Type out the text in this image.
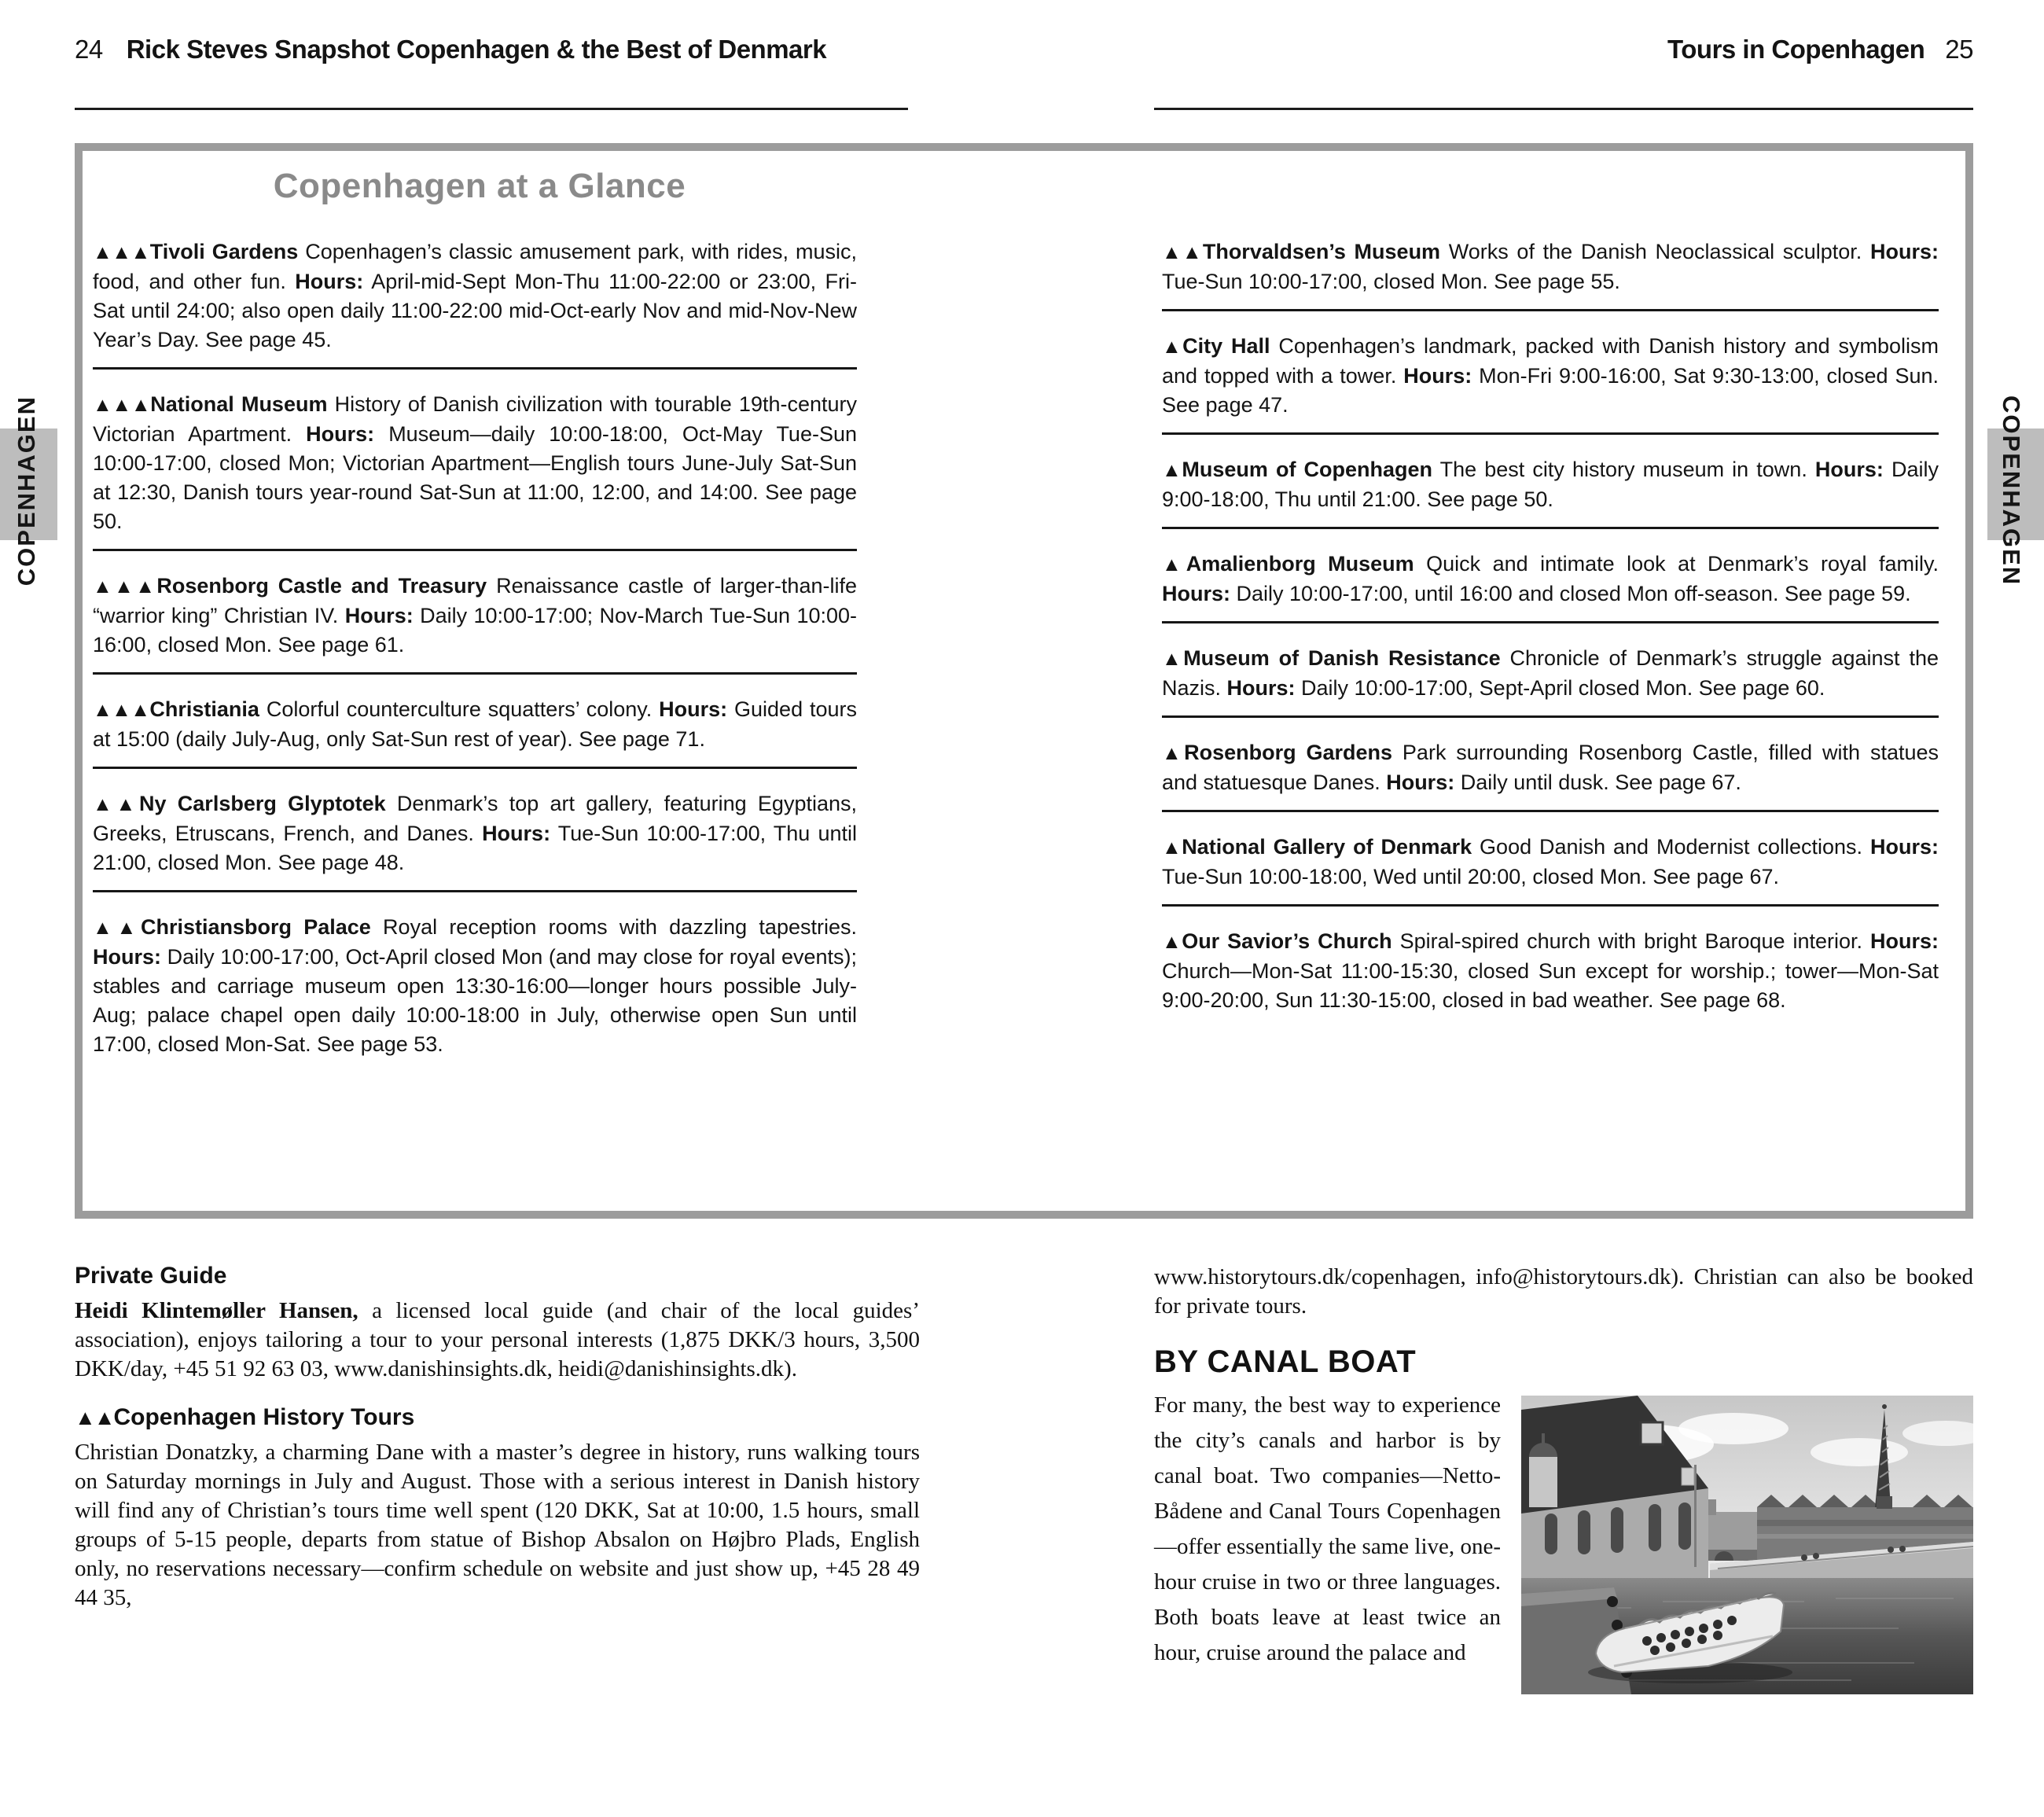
24 Rick Steves Snapshot Copenhagen & the Best of Denmark	Tours in Copenhagen 25
COPENHAGEN	COPENHAGEN
Copenhagen at a Glance

▲▲▲Tivoli Gardens Copenhagen’s classic amusement park, with rides, music, food, and other fun. Hours: April-mid-Sept Mon-Thu 11:00-22:00 or 23:00, Fri-Sat until 24:00; also open daily 11:00-22:00 mid-Oct-early Nov and mid-Nov-New Year’s Day. See page 45.

▲▲▲National Museum History of Danish civilization with tourable 19th-century Victorian Apartment. Hours: Museum—daily 10:00-18:00, Oct-May Tue-Sun 10:00-17:00, closed Mon; Victorian Apartment—English tours June-July Sat-Sun at 12:30, Danish tours year-round Sat-Sun at 11:00, 12:00, and 14:00. See page 50.

▲▲▲Rosenborg Castle and Treasury Renaissance castle of larger-than-life “warrior king” Christian IV. Hours: Daily 10:00-17:00; Nov-March Tue-Sun 10:00-16:00, closed Mon. See page 61.

▲▲▲Christiania Colorful counterculture squatters’ colony. Hours: Guided tours at 15:00 (daily July-Aug, only Sat-Sun rest of year). See page 71.

▲▲Ny Carlsberg Glyptotek Denmark’s top art gallery, featuring Egyptians, Greeks, Etruscans, French, and Danes. Hours: Tue-Sun 10:00-17:00, Thu until 21:00, closed Mon. See page 48.

▲▲Christiansborg Palace Royal reception rooms with dazzling tapestries. Hours: Daily 10:00-17:00, Oct-April closed Mon (and may close for royal events); stables and carriage museum open 13:30-16:00—longer hours possible July-Aug; palace chapel open daily 10:00-18:00 in July, otherwise open Sun until 17:00, closed Mon-Sat. See page 53.

▲▲Thorvaldsen’s Museum Works of the Danish Neoclassical sculptor. Hours: Tue-Sun 10:00-17:00, closed Mon. See page 55.

▲City Hall Copenhagen’s landmark, packed with Danish history and symbolism and topped with a tower. Hours: Mon-Fri 9:00-16:00, Sat 9:30-13:00, closed Sun. See page 47.

▲Museum of Copenhagen The best city history museum in town. Hours: Daily 9:00-18:00, Thu until 21:00. See page 50.

▲Amalienborg Museum Quick and intimate look at Denmark’s royal family. Hours: Daily 10:00-17:00, until 16:00 and closed Mon off-season. See page 59.

▲Museum of Danish Resistance Chronicle of Denmark’s struggle against the Nazis. Hours: Daily 10:00-17:00, Sept-April closed Mon. See page 60.

▲Rosenborg Gardens Park surrounding Rosenborg Castle, filled with statues and statuesque Danes. Hours: Daily until dusk. See page 67.

▲National Gallery of Denmark Good Danish and Modernist collections. Hours: Tue-Sun 10:00-18:00, Wed until 20:00, closed Mon. See page 67.

▲Our Savior’s Church Spiral-spired church with bright Baroque interior. Hours: Church—Mon-Sat 11:00-15:30, closed Sun except for worship.; tower—Mon-Sat 9:00-20:00, Sun 11:30-15:00, closed in bad weather. See page 68.

Private Guide

Heidi Klintemøller Hansen, a licensed local guide (and chair of the local guides’ association), enjoys tailoring a tour to your personal interests (1,875 DKK/3 hours, 3,500 DKK/day, +45 51 92 63 03, www.danishinsights.dk, heidi@danishinsights.dk).

▲▲Copenhagen History Tours

Christian Donatzky, a charming Dane with a master’s degree in history, runs walking tours on Saturday mornings in July and August. Those with a serious interest in Danish history will find any of Christian’s tours time well spent (120 DKK, Sat at 10:00, 1.5 hours, small groups of 5-15 people, departs from statue of Bishop Absalon on Højbro Plads, English only, no reservations necessary—confirm schedule on website and just show up, +45 28 49 44 35,

www.historytours.dk/copenhagen, info@historytours.dk). Christian can also be booked for private tours.

BY CANAL BOAT

For many, the best way to experience the city’s canals and harbor is by canal boat. Two companies—Netto-Bådene and Canal Tours Copenhagen—offer essentially the same live, one-hour cruise in two or three languages. Both boats leave at least twice an hour, cruise around the palace and
